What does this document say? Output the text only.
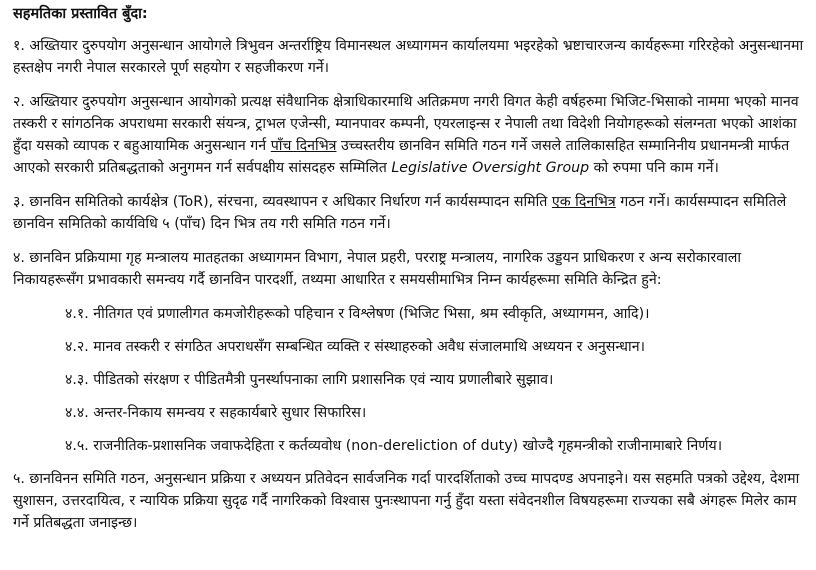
सहमतिका प्रस्तावित बुँदा:

१. अख्तियार दुरुपयोग अनुसन्धान आयोगले त्रिभुवन अन्तर्राष्ट्रिय विमानस्थल अध्यागमन कार्यालयमा भइरहेको भ्रष्टाचारजन्य कार्यहरूमा गरिरहेको अनुसन्धानमा हस्तक्षेप नगरी नेपाल सरकारले पूर्ण सहयोग र सहजीकरण गर्ने।

२. अख्तियार दुरुपयोग अनुसन्धान आयोगको प्रत्यक्ष संवैधानिक क्षेत्राधिकारमाथि अतिक्रमण नगरी विगत केही वर्षहरुमा भिजिट-भिसाको नाममा भएको मानव तस्करी र सांगठनिक अपराधमा सरकारी संयन्त्र, ट्राभल एजेन्सी, म्यानपावर कम्पनी, एयरलाइन्स र नेपाली तथा विदेशी नियोगहरूको संलग्नता भएको आशंका हुँदा यसको व्यापक र बहुआयामिक अनुसन्धान गर्न पाँच दिनभित्र उच्चस्तरीय छानविन समिति गठन गर्ने जसले तालिकासहित सम्मानिनीय प्रधानमन्त्री मार्फत आएको सरकारी प्रतिबद्धताको अनुगमन गर्न सर्वपक्षीय सांसदहरु सम्मिलित Legislative Oversight Group को रुपमा पनि काम गर्ने।

३. छानविन समितिको कार्यक्षेत्र (ToR), संरचना, व्यवस्थापन र अधिकार निर्धारण गर्न कार्यसम्पादन समिति एक दिनभित्र गठन गर्ने। कार्यसम्पादन समितिले छानविन समितिको कार्यविधि ५ (पाँच) दिन भित्र तय गरी समिति गठन गर्ने।

४. छानविन प्रक्रियामा गृह मन्त्रालय मातहतका अध्यागमन विभाग, नेपाल प्रहरी, परराष्ट्र मन्त्रालय, नागरिक उड्डयन प्राधिकरण र अन्य सरोकारवाला निकायहरूसँग प्रभावकारी समन्वय गर्दै छानविन पारदर्शी, तथ्यमा आधारित र समयसीमाभित्र निम्न कार्यहरूमा समिति केन्द्रित हुने:

४.१. नीतिगत एवं प्रणालीगत कमजोरीहरूको पहिचान र विश्लेषण (भिजिट भिसा, श्रम स्वीकृति, अध्यागमन, आदि)।

४.२. मानव तस्करी र संगठित अपराधसँग सम्बन्धित व्यक्ति र संस्थाहरुको अवैध संजालमाथि अध्ययन र अनुसन्धान।

४.३. पीडितको संरक्षण र पीडितमैत्री पुनर्स्थापनाका लागि प्रशासनिक एवं न्याय प्रणालीबारे सुझाव।

४.४. अन्तर-निकाय समन्वय र सहकार्यबारे सुधार सिफारिस।

४.५. राजनीतिक-प्रशासनिक जवाफदेहिता र कर्तव्यवोध (non-dereliction of duty) खोज्दै गृहमन्त्रीको राजीनामाबारे निर्णय।

५. छानविनन समिति गठन, अनुसन्धान प्रक्रिया र अध्ययन प्रतिवेदन सार्वजनिक गर्दा पारदर्शिताको उच्च मापदण्ड अपनाइने। यस सहमति पत्रको उद्देश्य, देशमा सुशासन, उत्तरदायित्व, र न्यायिक प्रक्रिया सुदृढ गर्दै नागरिकको विश्वास पुनःस्थापना गर्नु हुँदा यस्ता संवेदनशील विषयहरूमा राज्यका सबै अंगहरू मिलेर काम गर्ने प्रतिबद्धता जनाइन्छ।
